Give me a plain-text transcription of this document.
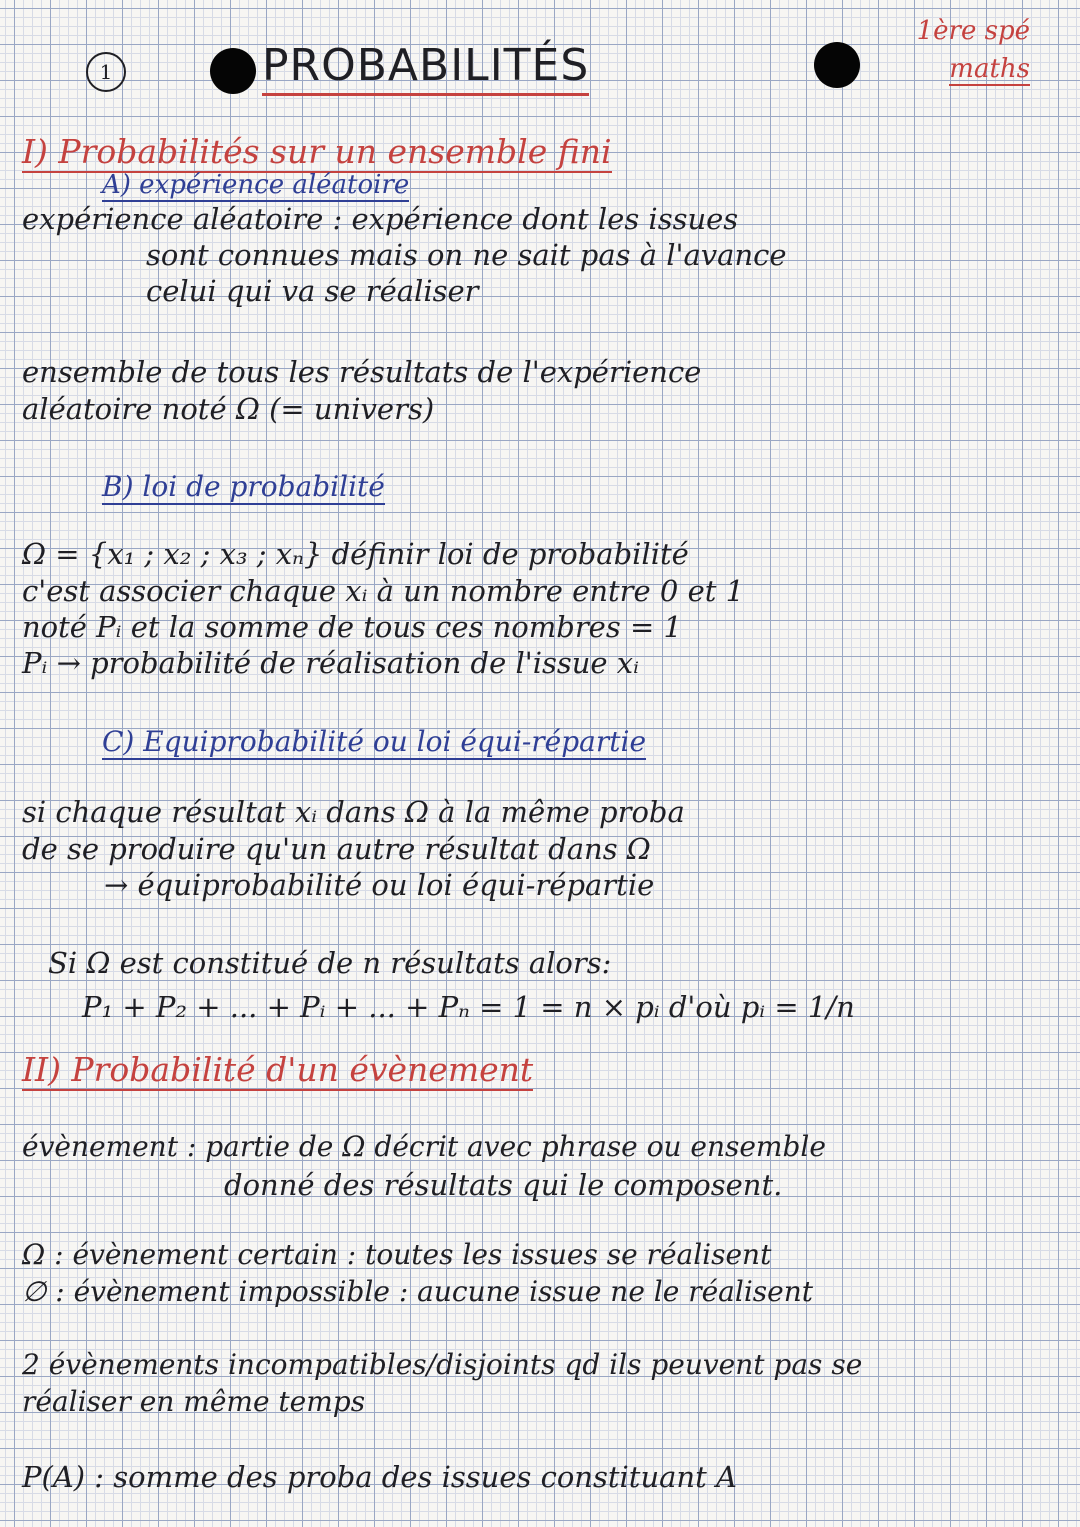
1	PROBABILITÉS
1ère spé
maths
I) Probabilités sur un ensemble fini
A) expérience aléatoire
expérience aléatoire : expérience dont les issues
sont connues mais on ne sait pas à l'avance
celui qui va se réaliser
ensemble de tous les résultats de l'expérience
aléatoire noté Ω (= univers)
B) loi de probabilité
Ω = {x₁ ; x₂ ; x₃ ; xₙ} définir loi de probabilité
c'est associer chaque xᵢ à un nombre entre 0 et 1
noté Pᵢ et la somme de tous ces nombres = 1
Pᵢ → probabilité de réalisation de l'issue xᵢ
C) Equiprobabilité ou loi équi-répartie
si chaque résultat xᵢ dans Ω à la même proba
de se produire qu'un autre résultat dans Ω
→ équiprobabilité ou loi équi-répartie
Si Ω est constitué de n résultats alors:
P₁ + P₂ + ... + Pᵢ + ... + Pₙ = 1 = n × pᵢ d'où pᵢ = 1/n
II) Probabilité d'un évènement
évènement : partie de Ω décrit avec phrase ou ensemble
donné des résultats qui le composent.
Ω : évènement certain : toutes les issues se réalisent
∅ : évènement impossible : aucune issue ne le réalisent
2 évènements incompatibles/disjoints qd ils peuvent pas se
réaliser en même temps
P(A) : somme des proba des issues constituant A
